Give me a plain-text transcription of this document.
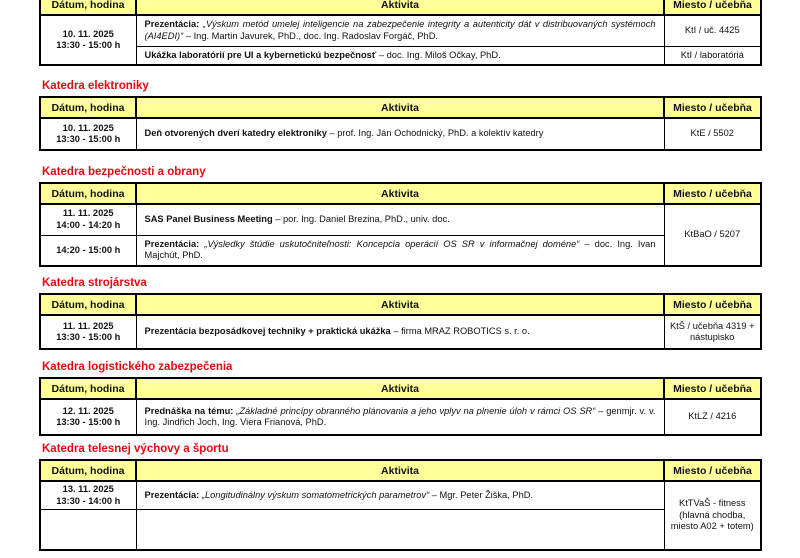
Dátum, hodina	Aktivita	Miesto / učebňa

10. 11. 2025
13:30 - 15:00 h	Prezentácia: „Výskum metód umelej inteligencie na zabezpečenie integrity a autenticity dát v distribuovaných systémoch (AI4EDI)“ – Ing. Martin Javurek, PhD., doc. Ing. Radoslav Forgáč, PhD.	KtI / uč. 4425
	Ukážka laboratórií pre UI a kybernetickú bezpečnosť – doc. Ing. Miloš Očkay, PhD.	KtI / laboratóriá
Katedra elektroniky
Dátum, hodina	Aktivita	Miesto / učebňa

10. 11. 2025
13:30 - 15:00 h	Deň otvorených dverí katedry elektroniky – prof. Ing. Ján Ochodnický, PhD. a kolektív katedry	KtE / 5502
Katedra bezpečnosti a obrany
Dátum, hodina	Aktivita	Miesto / učebňa

11. 11. 2025
14:00 - 14:20 h	SAS Panel Business Meeting – por. Ing. Daniel Brezina, PhD., univ. doc.	KtBaO / 5207

14:20 - 15:00 h	Prezentácia: „Výsledky štúdie uskutočniteľnosti: Koncepcia operácií OS SR v informačnej doméne“ – doc. Ing. Ivan Majchút, PhD.	
Katedra strojárstva
Dátum, hodina	Aktivita	Miesto / učebňa

11. 11. 2025
13:30 - 15:00 h	Prezentácia bezposádkovej techniky + praktická ukážka – firma MRAZ ROBOTICS s. r. o.	KtŠ / učebňa 4319 + nástupisko
Katedra logistického zabezpečenia
Dátum, hodina	Aktivita	Miesto / učebňa

12. 11. 2025
13:30 - 15:00 h	Prednáška na tému: „Základné princípy obranného plánovania a jeho vplyv na plnenie úloh v rámci OS SR“ – genmjr. v. v. Ing. Jindřich Joch, Ing. Viera Frianová, PhD.	KtLZ / 4216
Katedra telesnej výchovy a športu
Dátum, hodina	Aktivita	Miesto / učebňa

13. 11. 2025
13:30 - 14:00 h	Prezentácia: „Longitudinálny výskum somatometrických parametrov“ – Mgr. Peter Žiška, PhD.	KtTVaŠ - fitness (hlavná chodba, miesto A02 + totem)
